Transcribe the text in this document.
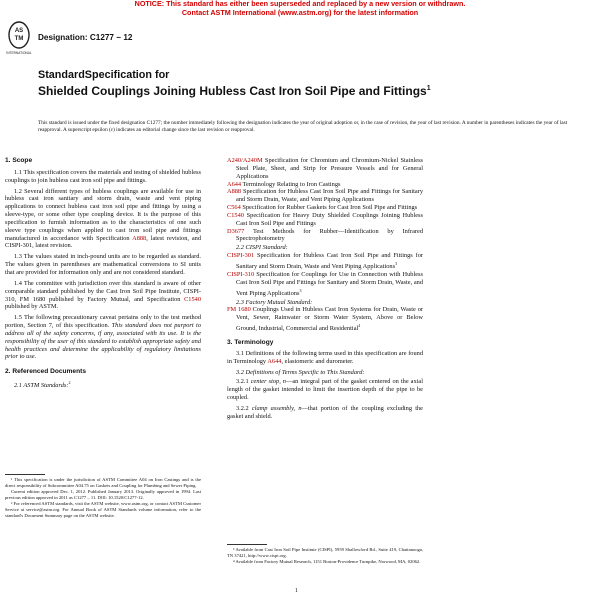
NOTICE: This standard has either been superseded and replaced by a new version or withdrawn.
Contact ASTM International (www.astm.org) for the latest information
AS
TM
INTERNATIONAL
Designation: C1277 − 12
StandardSpecification for
Shielded Couplings Joining Hubless Cast Iron Soil Pipe and Fittings$^1$
This standard is issued under the fixed designation C1277; the number immediately following the designation indicates the year of original adoption or, in the case of revision, the year of last revision. A number in parentheses indicates the year of last reapproval. A superscript epsilon (ε) indicates an editorial change since the last revision or reapproval.

1. Scope

1.1 This specification covers the materials and testing of shielded hubless couplings to join hubless cast iron soil pipe and fittings.

1.2 Several different types of hubless couplings are available for use in hubless cast iron sanitary and storm drain, waste and vent piping applications to connect hubless cast iron soil pipe and fittings by using a sleeve-type, or some other type coupling device. It is the purpose of this specification to furnish information as to the characteristics of one such sleeve type couplings when applied to cast iron soil pipe and fittings manufactured in accordance with Specification A888, latest revision, and CISPI-301, latest revision.

1.3 The values stated in inch-pound units are to be regarded as standard. The values given in parentheses are mathematical conversions to SI units that are provided for information only and are not considered standard.

1.4 The committee with jurisdiction over this standard is aware of other comparable standard published by the Cast Iron Soil Pipe Institute, CISPI-310, FM 1680 published by Factory Mutual, and Specification C1540 published by ASTM.

1.5 The following precautionary caveat pertains only to the test method portion, Section 7, of this specification. This standard does not purport to address all of the safety concerns, if any, associated with its use. It is the responsibility of the user of this standard to establish appropriate safety and health practices and determine the applicability of regulatory limitations prior to use.

2. Referenced Documents

2.1 ASTM Standards:$^2$

¹ This specification is under the jurisdiction of ASTM Committee A04 on Iron Castings and is the direct responsibility of Subcommittee A04.75 on Gaskets and Coupling for Plumbing and Sewer Piping.

Current edition approved Dec. 1, 2012. Published January 2013. Originally approved in 1994. Last previous edition approved in 2011 as C1277 – 11. DOI: 10.1520/C1277-12.

² For referenced ASTM standards, visit the ASTM website, www.astm.org, or contact ASTM Customer Service at service@astm.org. For Annual Book of ASTM Standards volume information, refer to the standard's Document Summary page on the ASTM website.

A240/A240M Specification for Chromium and Chromium-Nickel Stainless Steel Plate, Sheet, and Strip for Pressure Vessels and for General Applications

A644 Terminology Relating to Iron Castings

A888 Specification for Hubless Cast Iron Soil Pipe and Fittings for Sanitary and Storm Drain, Waste, and Vent Piping Applications

C564 Specification for Rubber Gaskets for Cast Iron Soil Pipe and Fittings

C1540 Specification for Heavy Duty Shielded Couplings Joining Hubless Cast Iron Soil Pipe and Fittings

D3677 Test Methods for Rubber—Identification by Infrared Spectrophotometry

2.2 CISPI Standard:

CISPI-301 Specification for Hubless Cast Iron Soil Pipe and Fittings for Sanitary and Storm Drain, Waste and Vent Piping Applications$^3$

CISPI-310 Specification for Couplings for Use in Connection with Hubless Cast Iron Soil Pipe and Fittings for Sanitary and Storm Drain, Waste, and Vent Piping Applications$^3$

2.3 Factory Mutual Standard:

FM 1680 Couplings Used in Hubless Cast Iron Systems for Drain, Waste or Vent, Sewer, Rainwater or Storm Water System, Above or Below Ground, Industrial, Commercial and Residential$^4$

3. Terminology

3.1 Definitions of the following terms used in this specification are found in Terminology A644, elastomeric and durometer.

3.2 Definitions of Terms Specific to This Standard:

3.2.1 center stop, n—an integral part of the gasket centered on the axial length of the gasket intended to limit the insertion depth of the pipe to be coupled.

3.2.2 clamp assembly, n—that portion of the coupling excluding the gasket and shield.

³ Available from Cast Iron Soil Pipe Institute (CISPI), 5959 Shallowford Rd., Suite 419, Chattanooga, TN 37421, http://www.cispi.org.

⁴ Available from Factory Mutual Research, 1151 Boston-Providence Turnpike, Norwood, MA, 02062.

1
